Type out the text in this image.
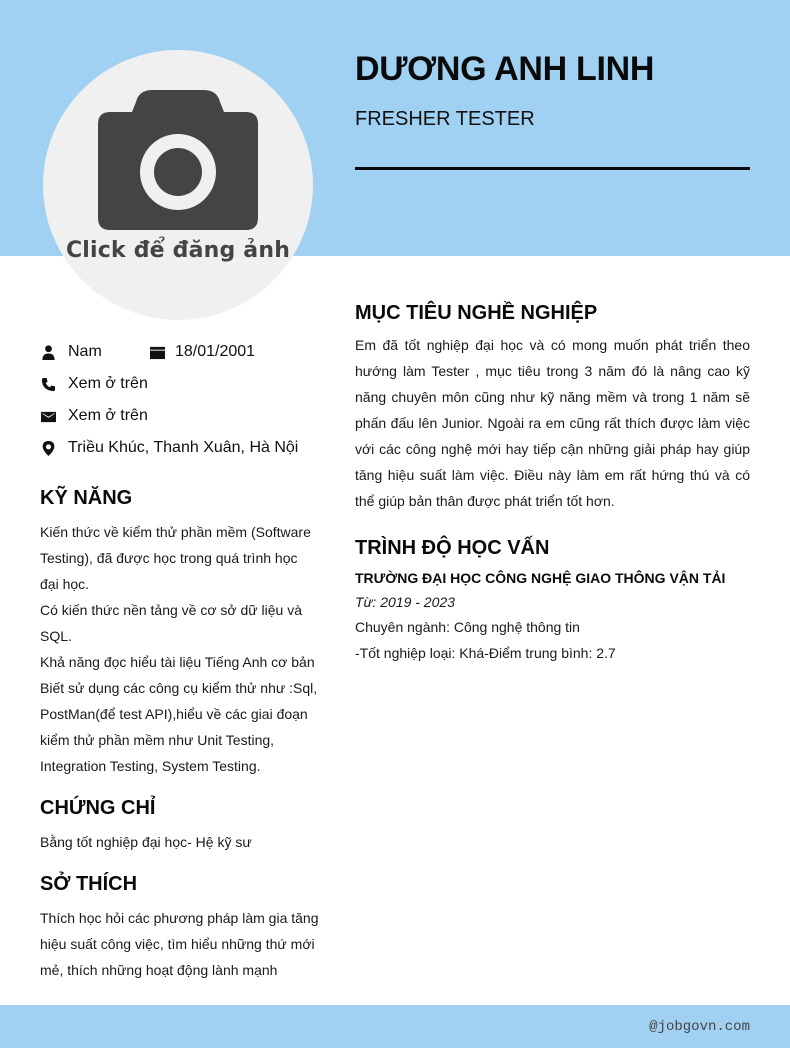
Click để đăng ảnh
DƯƠNG ANH LINH
FRESHER TESTER
Nam	18/01/2001
Xem ở trên
Xem ở trên
Triều Khúc, Thanh Xuân, Hà Nội
KỸ NĂNG

Kiến thức về kiểm thử phần mềm (Software Testing), đã được học trong quá trình học đại học.

Có kiến thức nền tảng về cơ sở dữ liệu và SQL.

Khả năng đọc hiểu tài liệu Tiếng Anh cơ bản

Biết sử dụng các công cụ kiểm thử như :Sql, PostMan(để test API),hiểu về các giai đoạn kiểm thử phần mềm như Unit Testing, Integration Testing, System Testing.

CHỨNG CHỈ
Bằng tốt nghiệp đại học- Hệ kỹ sư
SỞ THÍCH
Thích học hỏi các phương pháp làm gia tăng hiệu suất công việc, tìm hiểu những thứ mới mẻ, thích những hoạt động lành mạnh
MỤC TIÊU NGHỀ NGHIỆP
Em đã tốt nghiệp đại học và có mong muốn phát triển theo hướng làm Tester , mục tiêu trong 3 năm đó là nâng cao kỹ năng chuyên môn cũng như kỹ năng mềm và trong 1 năm sẽ phấn đấu lên Junior. Ngoài ra em cũng rất thích được làm việc với các công nghệ mới hay tiếp cận những giải pháp hay giúp tăng hiệu suất làm việc. Điều này làm em rất hứng thú và có thể giúp bản thân được phát triển tốt hơn.
TRÌNH ĐỘ HỌC VẤN
TRƯỜNG ĐẠI HỌC CÔNG NGHỆ GIAO THÔNG VẬN TẢI
Từ: 2019 - 2023
Chuyên ngành: Công nghệ thông tin
-Tốt nghiệp loại: Khá-Điểm trung bình: 2.7
@jobgovn.com
